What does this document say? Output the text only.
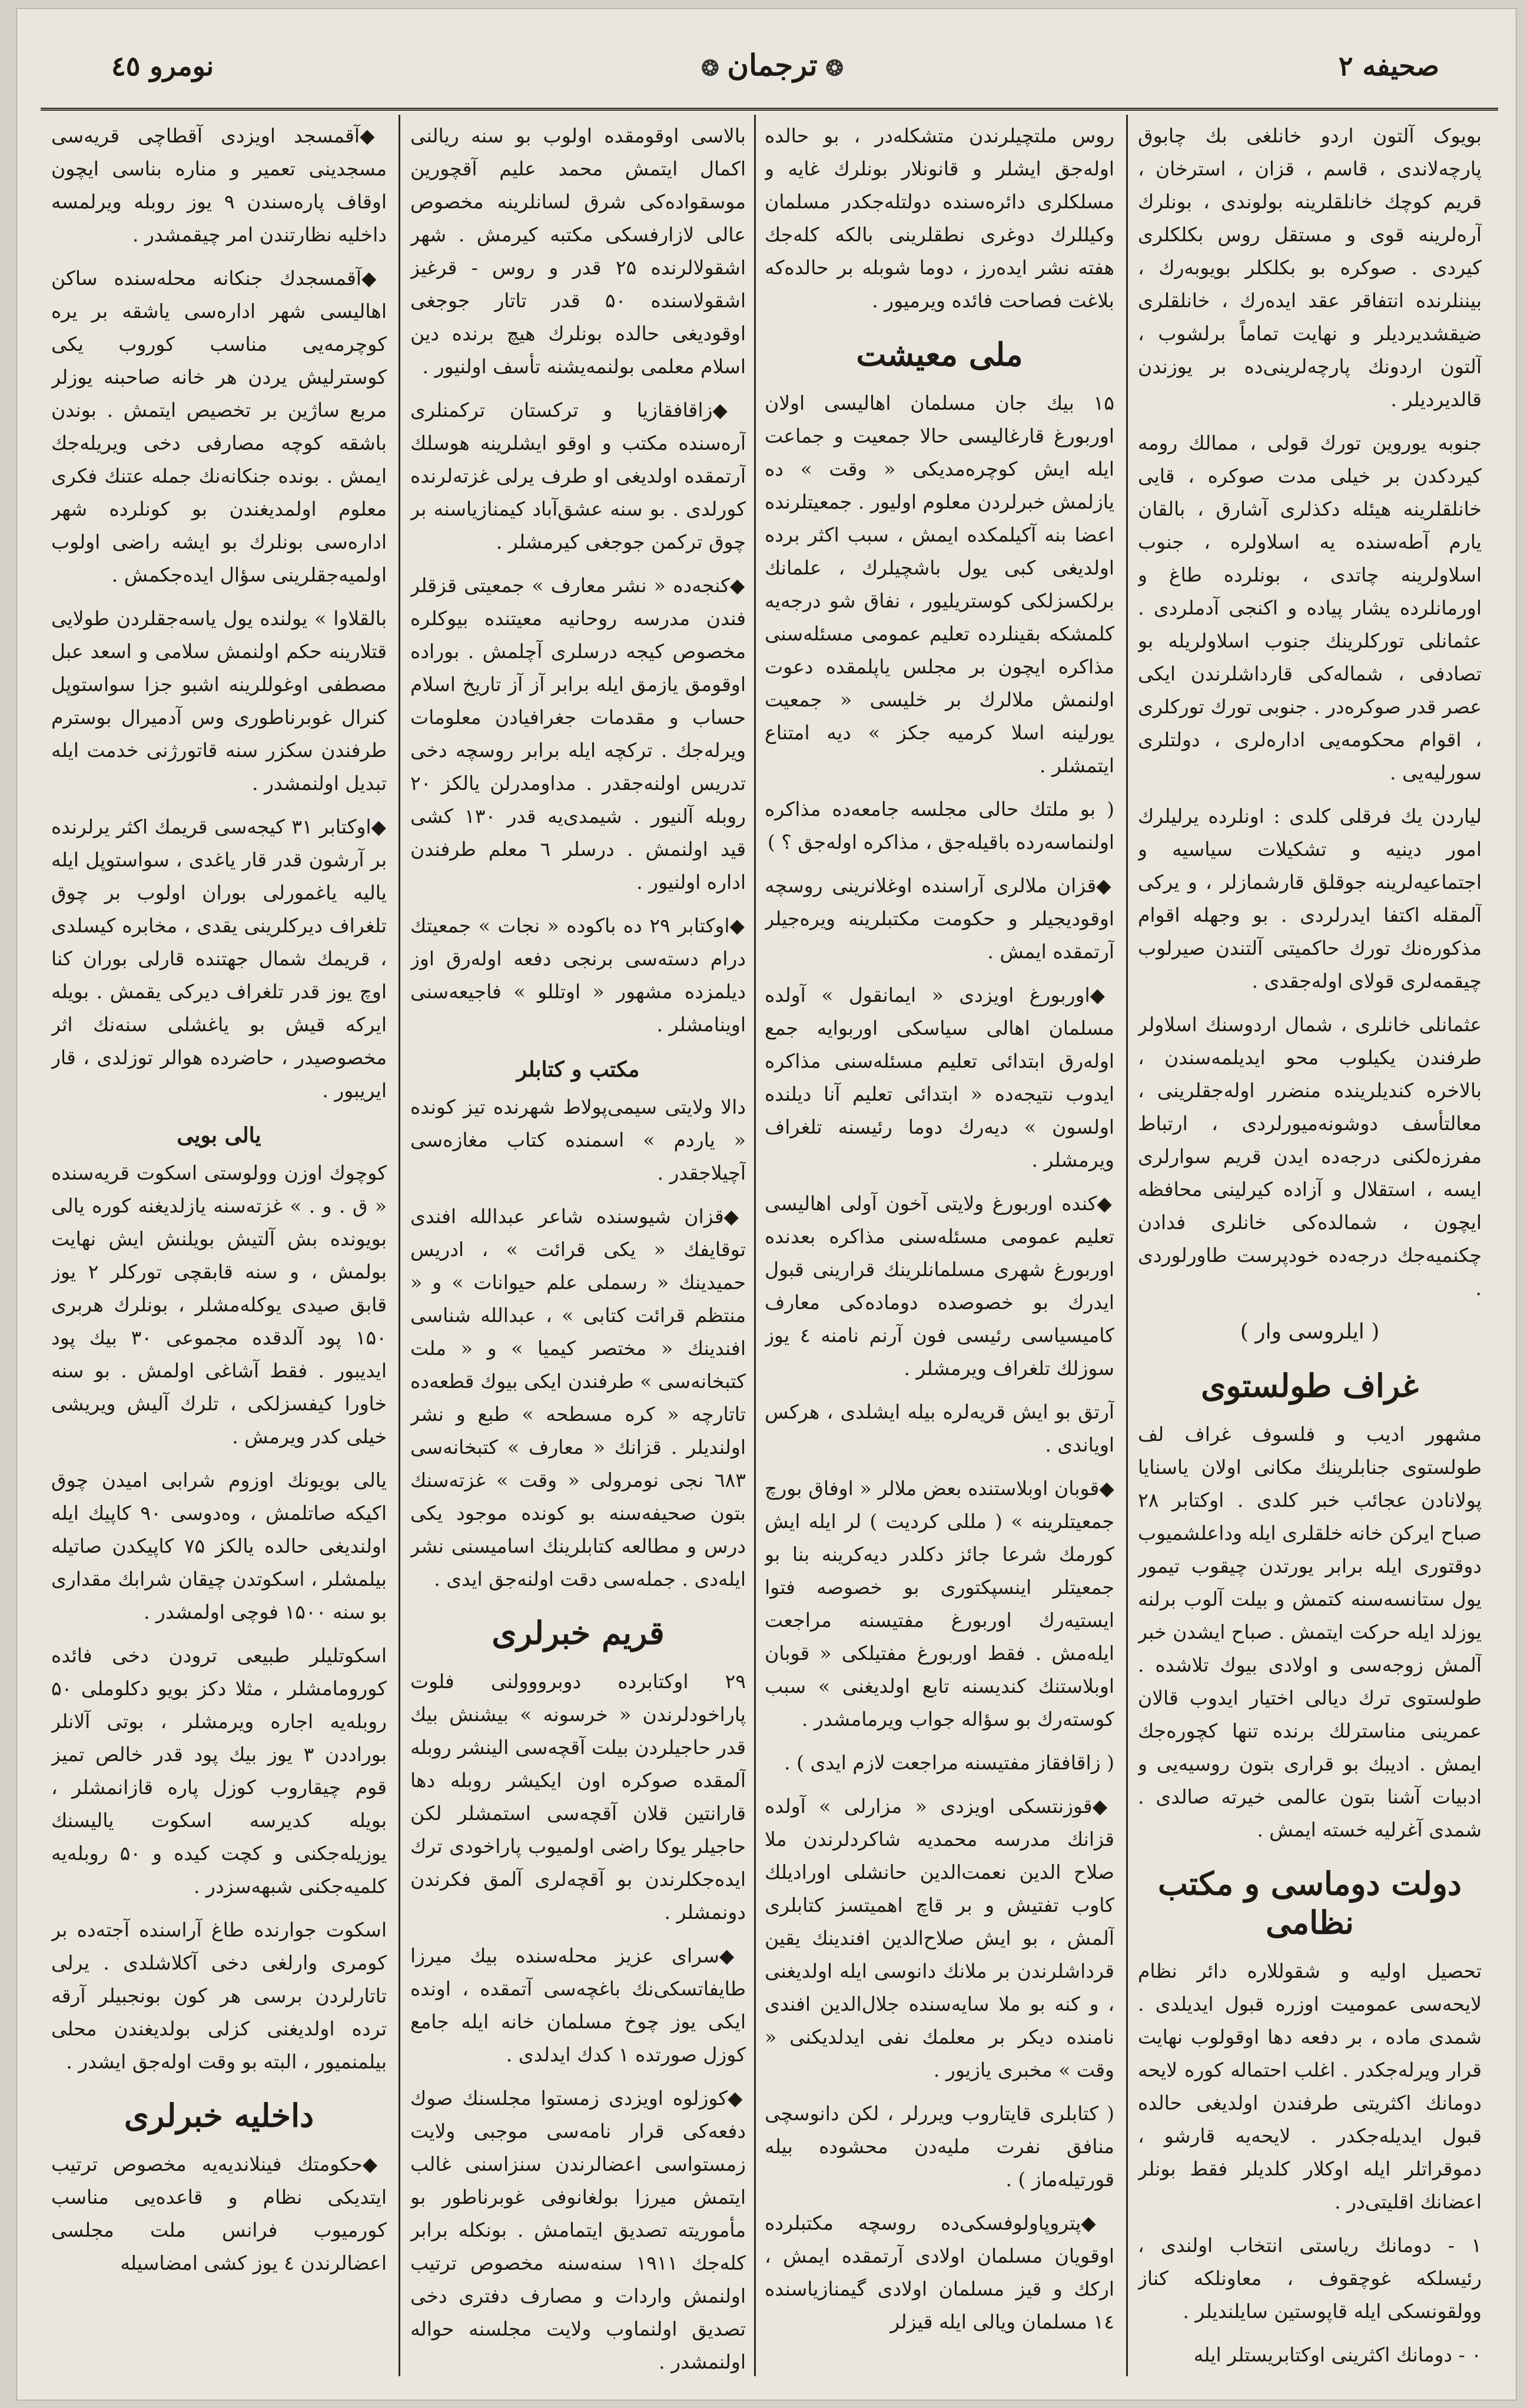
صحیفه ۲
❂ترجمان❂
نومرو ٤٥

بویوک آلتون اردو خانلغی بك چابوق پارچەلاندی ، قاسم ، قزان ، استرخان ، قریم کوچك خانلقلرینه بولوندی ، بونلرك آرەلرینه قوی و مستقل روس بکلکلری کیردی . صوکره بو بکلکلر بویوبەرك ، بیننلرنده انتفاقر عقد ایدەرك ، خانلقلری ضیقشدیردیلر و نهایت تماماً برلشوب ، آلتون اردونك پارچەلرینی‌ده بر یوزندن قالدیردیلر .

جنوبه یوروین تورك قولی ، ممالك رومه کیردکدن بر خیلی مدت صوکره ، قایی خانلقلرینه هیئله دکذلری آشارق ، بالقان یارم آطەسنده یه اسلاولره ، جنوب اسلاولرینه چاتدی ، بونلرده طاغ و اورمانلرده یشار پیاده و اکنجی آدملردی . عثمانلی تورکلرینك جنوب اسلاولریله بو تصادفی ، شماله‌کی قارداشلرندن ایکی عصر قدر صوکره‌در . جنوبی تورك تورکلری ، اقوام محکومه‌یی ادارەلری ، دولتلری سورلیه‌یی .

لیاردن یك فرقلی کلدی : اونلرده یرلیلرك امور دینیه و تشکیلات سیاسیه و اجتماعیه‌لرینه جوقلق قارشمازلر ، و یرکی آلمقله اکتفا ایدرلردی . بو وجهله اقوام مذکورەنك تورك حاکمیتی آلتندن صیرلوب چیقمەلری قولای اوله‌جقدی .

عثمانلی خانلری ، شمال اردوسنك اسلاولر طرفندن یکیلوب محو ایدیلمەسندن ، بالاخره کندیلرینده منضرر اوله‌جقلرینی ، معالتأسف دوشونه‌میورلردی ، ارتباط مفرزەلکنی درجەده ایدن قریم سوارلری ایسه ، استقلال و آزاده کیرلینی محافظه ایچون ، شمالده‌کی خانلری فدادن چکنمیه‌جك درجەده خودپرست طاورلوردی .

( ایلروسی وار )
غراف طولستوی

مشهور ادیب و فلسوف غراف لف طولستوی جنابلرینك مکانی اولان یاسنایا پولانادن عجائب خبر کلدی . اوکتابر ۲۸ صباح ایرکن خانه خلقلری ایله وداعلشمیوب دوقتوری ایله برابر یورتدن چیقوب تیمور یول ستانسەسنه کتمش و بیلت آلوب برلنه یوزلد ایله حرکت ایتمش . صباح ایشدن خبر آلمش زوجەسی و اولادی بیوك تلاشده . طولستوی ترك دیالی اختیار ایدوب قالان عمرینی مناسترلك برنده تنها کچورەجك ایمش . ادیبك بو قراری بتون روسیه‌یی و ادبیات آشنا بتون عالمی خیرته صالدی . شمدی آغرلیه خسته ایمش .

دولت دوماسی و مکتب نظامی

تحصیل اولیه و شقوللاره دائر نظام لایحه‌سی عمومیت اوزره قبول ایدیلدی . شمدی ماده ، بر دفعه دها اوقولوب نهایت قرار ویرلەجکدر . اغلب احتماله کوره لایحه دومانك اکثریتی طرفندن اولدیغی حالده قبول ایدیلەجکدر . لایحه‌یه قارشو ، دموقراتلر ایله اوکلار کلدیلر فقط بونلر اعضانك اقلیتی‌در .

۱ - دومانك ریاستی انتخاب اولندی ، رئیسلکه غوچقوف ، معاونلکه کناز وولقونسکی ایله قاپوستین سایلندیلر .

۰ - دومانك اکثرینی اوکتابریستلر ایله

روس ملتچیلرندن متشکلەدر ، بو حالده اوله‌جق ایشلر و قانونلار بونلرك غایه و مسلکلری دائرەسنده دولتله‌جکدر مسلمان وکیللرك دوغری نطقلرینی بالکه کله‌جك هفته نشر ایدەرز ، دوما شوبله بر حالده‌که بلاغت فصاحت فائده ویرمیور .

ملی معیشت

۱۵ بیك جان مسلمان اهالیسی اولان اوربورغ قارغالیسی حالا جمعیت و جماعت ایله ایش کوچرەمدیکی « وقت » ده یازلمش خبرلردن معلوم اولیور . جمعیتلرنده اعضا بنه آکیلمکده ایمش ، سبب اکثر برده اولدیغی کبی یول باشچیلرك ، علمانك برلکسزلکی کوستریلیور ، نفاق شو درجەیه کلمشکه بقینلرده تعلیم عمومی مسئله‌سنی مذاکره ایچون بر مجلس یاپلمقده دعوت اولنمش ملالرك بر خلیسی « جمعیت یورلینه اسلا کرمیه جکز » دیه امتناع ایتمشلر .

( بو ملتك حالی مجلسه جامعه‌ده مذاکره اولنماسەرده باقیله‌جق ، مذاکره اوله‌جق ؟ )

◆ قزان ملالری آراسنده اوغلانرینی روسچه اوقودیجیلر و حکومت مکتبلرینه ویرەجیلر آرتمقده ایمش .

◆ اوربورغ اویزدی « ایمانقول » آولده مسلمان اهالی سیاسکی اوربوایه جمع اولەرق ابتدائی تعلیم مسئله‌سنی مذاکره ایدوب نتیجه‌ده « ابتدائی تعلیم آنا دیلنده اولسون » دیه‌رك دوما رئیسنه تلغراف ویرمشلر .

◆ کنده اوربورغ ولایتی آخون آولی اهالیسی تعلیم عمومی مسئله‌سنی مذاکره بعدنده اوربورغ شهری مسلمانلرینك قرارینی قبول ایدرك بو خصوصده دوماده‌کی معارف کامیسیاسی رئیسی فون آرنم نامنه ٤ یوز سوزلك تلغراف ویرمشلر .

آرتق بو ایش قریه‌لره بیله ایشلدی ، هرکس اویاندی .

◆ قوبان اوبلاستنده بعض ملالر « اوفاق بورچ جمعیتلرینه » ( مللی کردیت ) لر ایله ایش کورمك شرعا جائز دکلدر دیه‌کرینه بنا بو جمعیتلر اینسپکتوری بو خصوصه فتوا ایستیەرك اوربورغ مفتیسنه مراجعت ایلەمش . فقط اوربورغ مفتیلکی « قوبان اوبلاستنك کندیسنه تابع اولدیغنی » سبب کوستەرك بو سؤاله جواب ویرمامشدر .

( زاقافقاز مفتیسنه مراجعت لازم ایدی ) .

◆ قوزنتسکی اویزدی « مزارلی » آولده قزانك مدرسه محمدیه شاکردلرندن ملا صلاح الدین نعمت‌الدین حانشلی اورادیلك کاوب تفتیش و بر قاچ اهمیتسز کتابلری آلمش ، بو ایش صلاح‌الدین افندینك یقین قرداشلرندن بر ملانك دانوسی ایله اولدیغنی ، و کنه بو ملا سایەسنده جلال‌الدین افندی نامنده دیکر بر معلمك نفی ایدلدیکنی « وقت » مخبری یازیور .

( کتابلری قایتاروب ویررلر ، لکن دانوسچی منافق نفرت ملیەدن محشوده بیله قورتیلەماز ) .

◆ پتروپاولوفسکی‌ده روسچه مکتبلرده اوقویان مسلمان اولادی آرتمقده ایمش ، ارکك و قیز مسلمان اولادی گیمنازیاسنده ۱٤ مسلمان ویالی ایله قیزلر

بالاسی اوقومقده اولوب بو سنه ریالنی اکمال ایتمش محمد علیم آقچورین موسقواده‌کی شرق لسانلرینه مخصوص عالی لازارفسکی مکتبه کیرمش . شهر اشقولالرنده ۲۵ قدر و روس - قرغیز اشقولاسنده ۵۰ قدر تاتار جوجغی اوقودیغی حالده بونلرك هیچ برنده دین اسلام معلمی بولنمەیشنه تأسف اولنیور .

◆ زاقافقازیا و ترکستان ترکمنلری آرەسنده مکتب و اوقو ایشلرینه هوسلك آرتمقده اولدیغی او طرف یرلی غزته‌لرنده کورلدی . بو سنه عشق‌آباد کیمنازیاسنه بر چوق ترکمن جوجغی کیرمشلر .

◆ کنجه‌ده « نشر معارف » جمعیتی قزقلر فندن مدرسه روحانیه معیتنده بیوکلره مخصوص کیجه درسلری آچلمش . بوراده اوقومق یازمق ایله برابر آز آز تاریخ اسلام حساب و مقدمات جغرافیادن معلومات ویرلەجك . ترکچه ایله برابر روسچه دخی تدریس اولنەجقدر . مداومدرلن یالکز ۲۰ روبله آلنیور . شیمدی‌یه قدر ۱۳۰ کشی قید اولنمش . درسلر ٦ معلم طرفندن اداره اولنیور .

◆ اوکتابر ۲۹ ده باکوده « نجات » جمعیتك درام دسته‌سی برنجی دفعه اولەرق اوز دیلمزده مشهور « اوتللو » فاجیعه‌سنی اوینامشلر .

مکتب و کتابلر

دالا ولایتی سیمی‌پولاط شهرنده تیز کونده « یاردم » اسمنده کتاب مغازه‌سی آچیلاجقدر .

◆ قزان شیوسنده شاعر عبدالله افندی توقایفك « یکی قرائت » ، ادریس حمیدینك « رسملی علم حیوانات » و « منتظم قرائت کتابی » ، عبدالله شناسی افندینك « مختصر کیمیا » و « ملت کتبخانه‌سی » طرفندن ایکی بیوك قطعه‌ده تاتارچه « کره مسطحه » طبع و نشر اولندیلر . قزانك « معارف » کتبخانه‌سی ٦٨٣ نجی نومرولی « وقت » غزته‌سنك بتون صحیفه‌سنه بو کونده موجود یکی درس و مطالعه کتابلرینك اسامیسنی نشر ایلەدی . جمله‌سی دقت اولنەجق ایدی .

قریم خبرلری

۲۹ اوکتابرده دوبرووولنی فلوت پاراخودلرندن « خرسونه » بیشنش بیك قدر حاجیلردن بیلت آقچه‌سی الینشر روبله آلمقده صوکره اون ایکیشر روبله دها قارانتین قلان آقچەسی استمشلر لکن حاجیلر یوکا راضی اولمیوب پاراخودی ترك ایدەجکلرندن بو آقچەلری آلمق فکرندن دونمشلر .

◆ سرای عزیز محله‌سنده بیك میرزا طایفاتسکی‌نك باغچه‌سی آتمقده ، اونده ایکی یوز چوخ مسلمان خانه ایله جامع کوزل صورتده ۱ کدك ایدلدی .

◆ کوزلوه اویزدی زمستوا مجلسنك صوك دفعه‌کی قرار نامەسی موجبی ولایت زمستواسی اعضالرندن سنزاسنی غالب ایتمش میرزا بولغانوفی غوبرناطور بو مأموریته تصدیق ایتمامش . بونکله برابر کله‌جك ۱۹۱۱ سنه‌سنه مخصوص ترتیب اولنمش واردات و مصارف دفتری دخی تصدیق اولنماوب ولایت مجلسنه حواله اولنمشدر .

◆ آقمسجد اویزدی آقطاچی قریەسی مسجدینی تعمیر و مناره بناسی ایچون اوقاف پارەسندن ۹ یوز روبله ویرلمسه داخلیه نظارتندن امر چیقمشدر .

◆ آقمسجدك جنکانه محله‌سنده ساکن اهالیسی شهر ادارەسی یاشقه بر یره کوچرمەیی مناسب کوروب یکی کوسترلیش یردن هر خانه صاحبنه یوزلر مربع ساژین بر تخصیص ایتمش . بوندن باشقه کوچه مصارفی دخی ویریله‌جك ایمش . بونده جنکانه‌نك جمله عتنك فکری معلوم اولمدیغندن بو کونلرده شهر ادارەسی بونلرك بو ایشه راضی اولوب اولمیه‌جقلرینی سؤال ایده‌جکمش .

بالقلاوا » یولنده یول یاسه‌جقلردن طولایی قتلارینه حکم اولنمش سلامی و اسعد عبل مصطفی اوغوللرینه اشبو جزا سواستوپل کنرال غوبرناطوری وس آدمیرال بوسترم طرفندن سکزر سنه قاتورژنی خدمت ایله تبدیل اولنمشدر .

◆ اوکتابر ۳۱ کیجه‌سی قریمك اکثر یرلرنده بر آرشون قدر قار یاغدی ، سواستوپل ایله یالیه یاغمورلی بوران اولوب بر چوق تلغراف دیرکلرینی یقدی ، مخابره کیسلدی ، قریمك شمال جهتنده قارلی بوران کنا اوچ یوز قدر تلغراف دیرکی یقمش . بویله ایرکه قیش بو یاغشلی سنه‌نك اثر مخصوصیدر ، حاضرده هوالر توزلدی ، قار ایریبور .

یالی بویی

کوچوك اوزن وولوستی اسکوت قریەسنده « ق . و . » غزته‌سنه یازلدیغنه کوره یالی بویونده بش آلتیش بویلنش ایش نهایت بولمش ، و سنه قابقچی تورکلر ۲ یوز قابق صیدی یوکلەمشلر ، بونلرك هربری ۱۵۰ پود آلدقده مجموعی ۳۰ بیك پود ایدیبور . فقط آشاغی اولمش . بو سنه خاورا کیفسزلکی ، تلرك آلیش ویریشی خیلی کدر ویرمش .

یالی بویونك اوزوم شرابی امیدن چوق اکیکه صاتلمش ، وەدوسی ۹۰ کاپیك ایله اولندیغی حالده یالکز ۷۵ کاپیکدن صاتیله بیلمشلر ، اسکوتدن چیقان شرابك مقداری بو سنه ۱۵۰۰ فوچی اولمشدر .

اسکوتلیلر طبیعی ترودن دخی فائده کورومامشلر ، مثلا دکز بویو دکلوملی ۵۰ روبله‌یه اجاره ویرمشلر ، بوتی آلانلر بوراددن ۳ یوز بیك پود قدر خالص تمیز قوم چیقاروب کوزل پاره قازانمشلر ، بویله کدیرسه اسکوت یالیسنك یوزیلەجکنی و کچت کیده و ۵۰ روبله‌یه کلمیەجکنی شبهەسزدر .

اسکوت جوارنده طاغ آراسنده آجته‌ده بر کومری وارلغی دخی آکلاشلدی . یرلی تاتارلردن برسی هر کون بونجبیلر آرقه ترده اولدیغنی کزلی بولدیغندن محلی بیلمنمیور ، البته بو وقت اولەجق ایشدر .

داخلیه خبرلری

◆ حکومتك فینلاندیه‌یه مخصوص ترتیب ایتدیکی نظام و قاعده‌یی مناسب کورمیوب فرانس ملت مجلسی اعضالرندن ٤ یوز کشی امضاسیله
